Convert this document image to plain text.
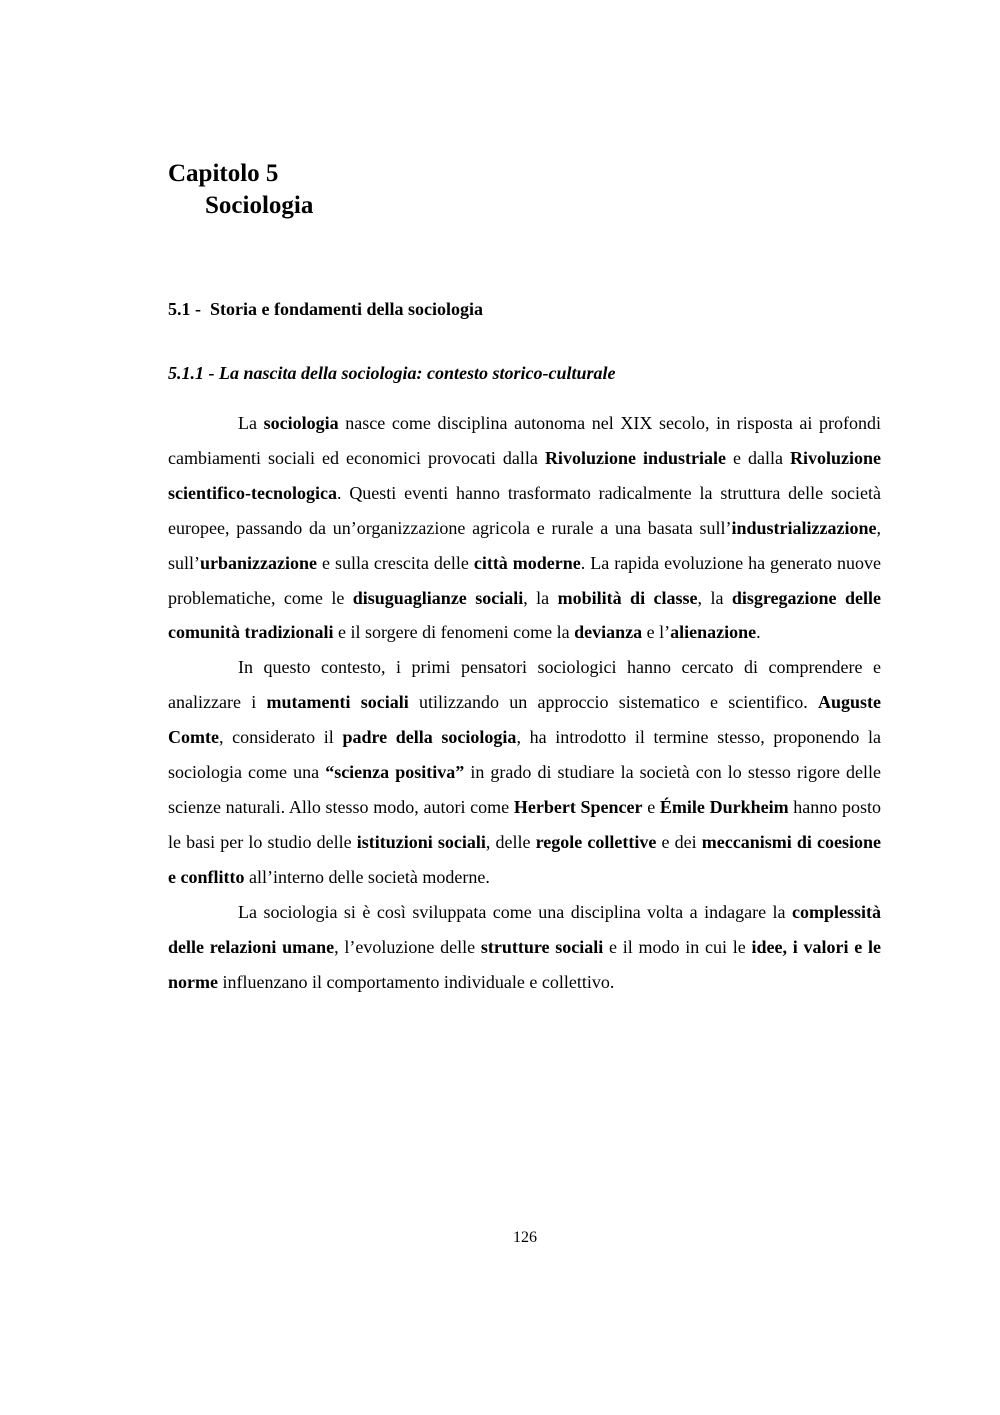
Capitolo 5
Sociologia
5.1 -  Storia e fondamenti della sociologia
5.1.1 - La nascita della sociologia: contesto storico-culturale

La sociologia nasce come disciplina autonoma nel XIX secolo, in risposta ai profondi cambiamenti sociali ed economici provocati dalla Rivoluzione industriale e dalla Rivoluzione scientifico-tecnologica. Questi eventi hanno trasformato radicalmente la struttura delle società europee, passando da un’organizzazione agricola e rurale a una basata sull’industrializzazione, sull’urbanizzazione e sulla crescita delle città moderne. La rapida evoluzione ha generato nuove problematiche, come le disuguaglianze sociali, la mobilità di classe, la disgregazione delle comunità tradizionali e il sorgere di fenomeni come la devianza e l’alienazione.

In questo contesto, i primi pensatori sociologici hanno cercato di comprendere e analizzare i mutamenti sociali utilizzando un approccio sistematico e scientifico. Auguste Comte, considerato il padre della sociologia, ha introdotto il termine stesso, proponendo la sociologia come una “scienza positiva” in grado di studiare la società con lo stesso rigore delle scienze naturali. Allo stesso modo, autori come Herbert Spencer e Émile Durkheim hanno posto le basi per lo studio delle istituzioni sociali, delle regole collettive e dei meccanismi di coesione e conflitto all’interno delle società moderne.

La sociologia si è così sviluppata come una disciplina volta a indagare la complessità delle relazioni umane, l’evoluzione delle strutture sociali e il modo in cui le idee, i valori e le norme influenzano il comportamento individuale e collettivo.

126
